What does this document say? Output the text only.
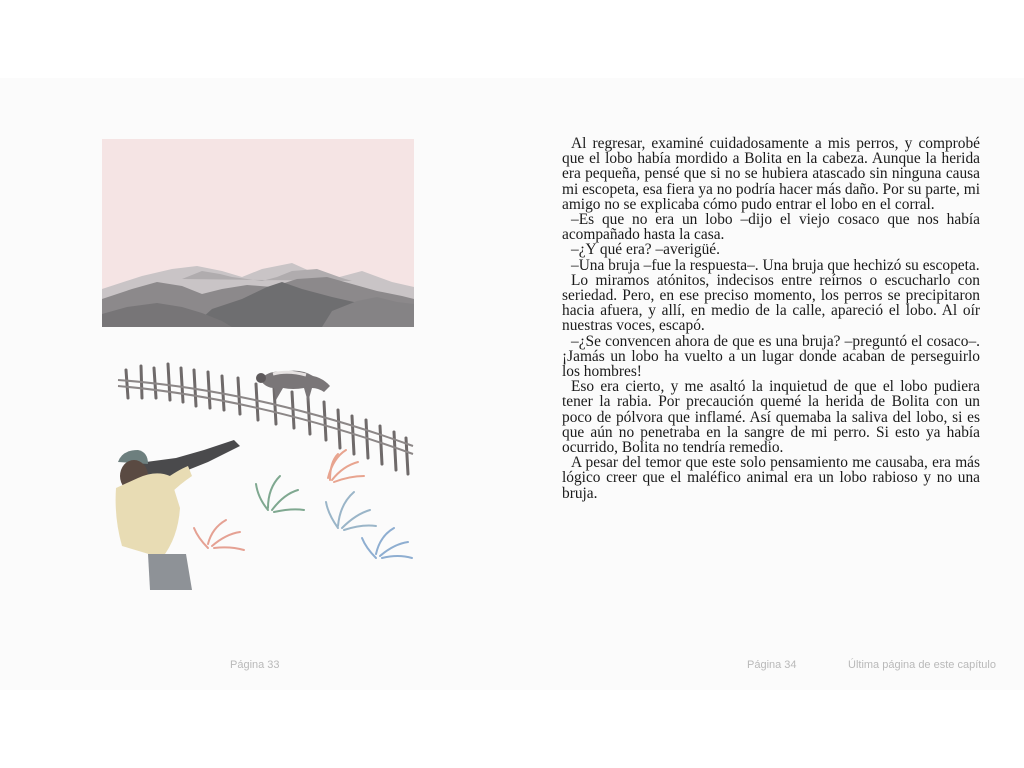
Página 33

Al regresar, examiné cuidadosamente a mis perros, y comprobé que el lobo había mordido a Bolita en la cabeza. Aunque la herida era pequeña, pensé que si no se hubiera atascado sin ninguna causa mi escopeta, esa fiera ya no podría hacer más daño. Por su parte, mi amigo no se explicaba cómo pudo entrar el lobo en el corral.

–Es que no era un lobo –dijo el viejo cosaco que nos había acompañado hasta la casa.

–¿Y qué era? –averigüé.

–Una bruja –fue la respuesta–. Una bruja que hechizó su escopeta.

Lo miramos atónitos, indecisos entre reírnos o escucharlo con seriedad. Pero, en ese preciso momento, los perros se precipitaron hacia afuera, y allí, en medio de la calle, apareció el lobo. Al oír nuestras voces, escapó.

–¿Se convencen ahora de que es una bruja? –preguntó el cosaco–. ¡Jamás un lobo ha vuelto a un lugar donde acaban de perseguirlo los hombres!

Eso era cierto, y me asaltó la inquietud de que el lobo pudiera tener la rabia. Por precaución quemé la herida de Bolita con un poco de pólvora que inflamé. Así quemaba la saliva del lobo, si es que aún no penetraba en la sangre de mi perro. Si esto ya había ocurrido, Bolita no tendría remedio.

A pesar del temor que este solo pensamiento me causaba, era más lógico creer que el maléfico animal era un lobo rabioso y no una bruja.

Página 34	Última página de este capítulo
